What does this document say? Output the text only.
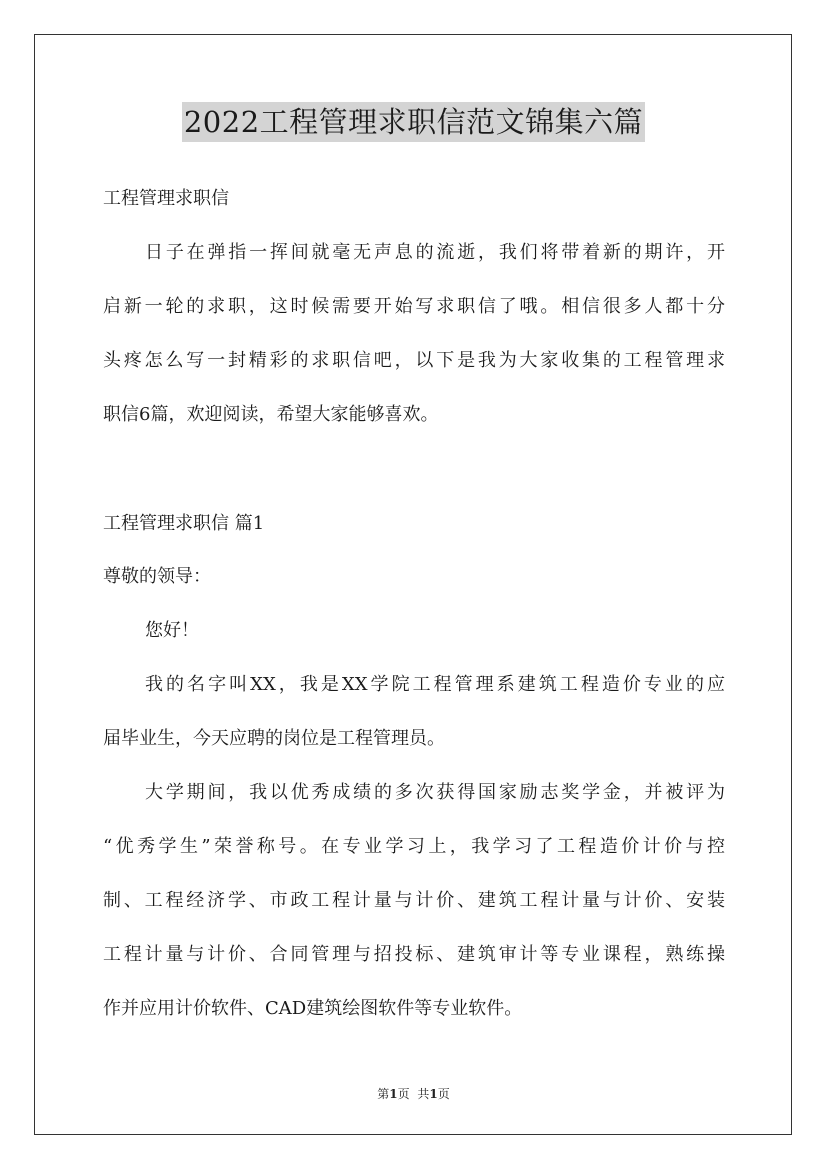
2022工程管理求职信范文锦集六篇
工程管理求职信
日子在弹指一挥间就毫无声息的流逝，我们将带着新的期许，开
启新一轮的求职，这时候需要开始写求职信了哦。相信很多人都十分
头疼怎么写一封精彩的求职信吧，以下是我为大家收集的工程管理求
职信6篇，欢迎阅读，希望大家能够喜欢。
工程管理求职信 篇1
尊敬的领导：
您好！
我的名字叫XX，我是XX学院工程管理系建筑工程造价专业的应
届毕业生，今天应聘的岗位是工程管理员。
大学期间，我以优秀成绩的多次获得国家励志奖学金，并被评为
“优秀学生”荣誉称号。在专业学习上，我学习了工程造价计价与控
制、工程经济学、市政工程计量与计价、建筑工程计量与计价、安装
工程计量与计价、合同管理与招投标、建筑审计等专业课程，熟练操
作并应用计价软件、CAD建筑绘图软件等专业软件。
第1页 共1页
